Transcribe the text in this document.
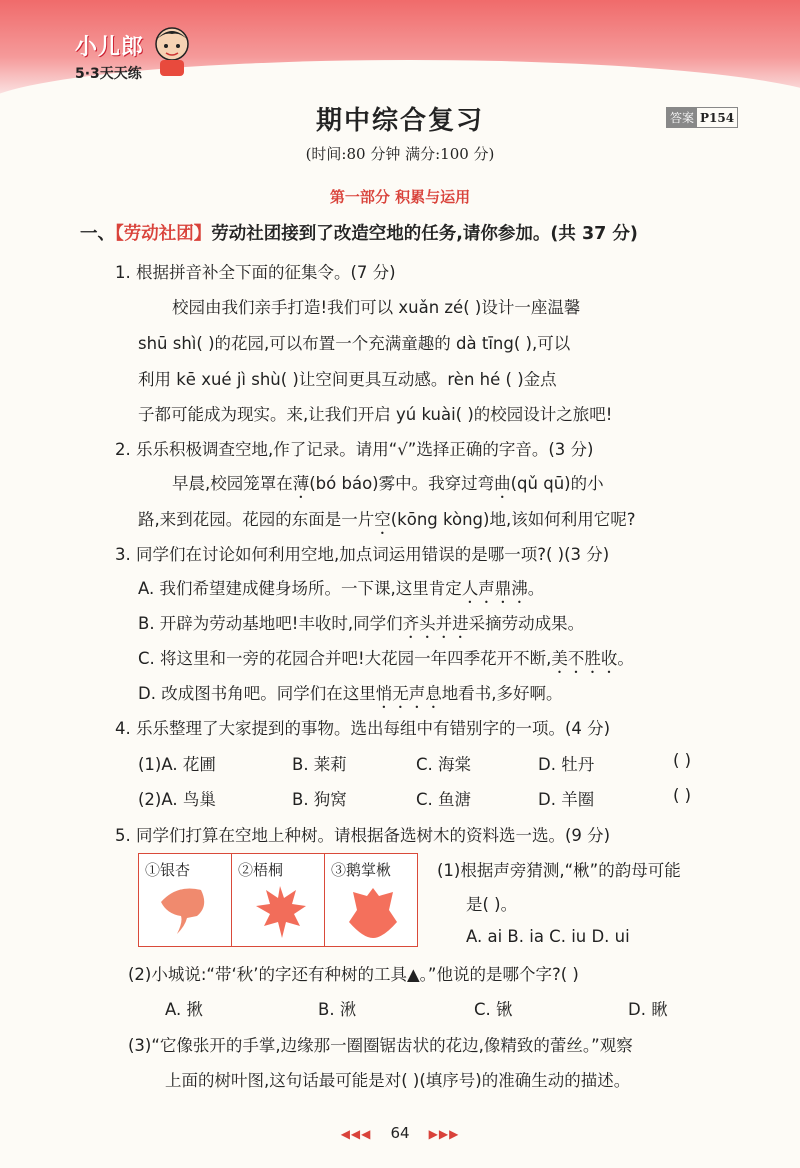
小儿郎
5·3天天练
期中综合复习	答案 P154
(时间:80 分钟 满分:100 分)
第一部分 积累与运用
一、【劳动社团】劳动社团接到了改造空地的任务,请你参加。(共 37 分)
1. 根据拼音补全下面的征集令。(7 分)
校园由我们亲手打造!我们可以 xuǎn zé( )设计一座温馨
shū shì( )的花园,可以布置一个充满童趣的 dà tīng( ),可以
利用 kē xué jì shù( )让空间更具互动感。rèn hé ( )金点
子都可能成为现实。来,让我们开启 yú kuài( )的校园设计之旅吧!
2. 乐乐积极调查空地,作了记录。请用“√”选择正确的字音。(3 分)
早晨,校园笼罩在薄(bó báo)雾中。我穿过弯曲(qǔ qū)的小
路,来到花园。花园的东面是一片空(kōng kòng)地,该如何利用它呢?
3. 同学们在讨论如何利用空地,加点词运用错误的是哪一项?( )(3 分)
A. 我们希望建成健身场所。一下课,这里肯定人声鼎沸。
B. 开辟为劳动基地吧!丰收时,同学们齐头并进采摘劳动成果。
C. 将这里和一旁的花园合并吧!大花园一年四季花开不断,美不胜收。
D. 改成图书角吧。同学们在这里悄无声息地看书,多好啊。
4. 乐乐整理了大家提到的事物。选出每组中有错别字的一项。(4 分)
(1)A. 花圃	B. 莱莉	C. 海棠	D. 牡丹	( )
(2)A. 鸟巢	B. 狗窝	C. 鱼溏	D. 羊圈	( )
5. 同学们打算在空地上种树。请根据备选树木的资料选一选。(9 分)
①银杏	②梧桐	③鹅掌楸	(1)根据声旁猜测,“楸”的韵母可能
是( )。
A. ai B. ia C. iu D. ui
(2)小城说:“带‘秋’的字还有种树的工具▲。”他说的是哪个字?( )
A. 揪	B. 湫	C. 锹	D. 瞅
(3)“它像张开的手掌,边缘那一圈圈锯齿状的花边,像精致的蕾丝。”观察
上面的树叶图,这句话最可能是对( )(填序号)的准确生动的描述。
◀◀◀ 64 ▶▶▶
